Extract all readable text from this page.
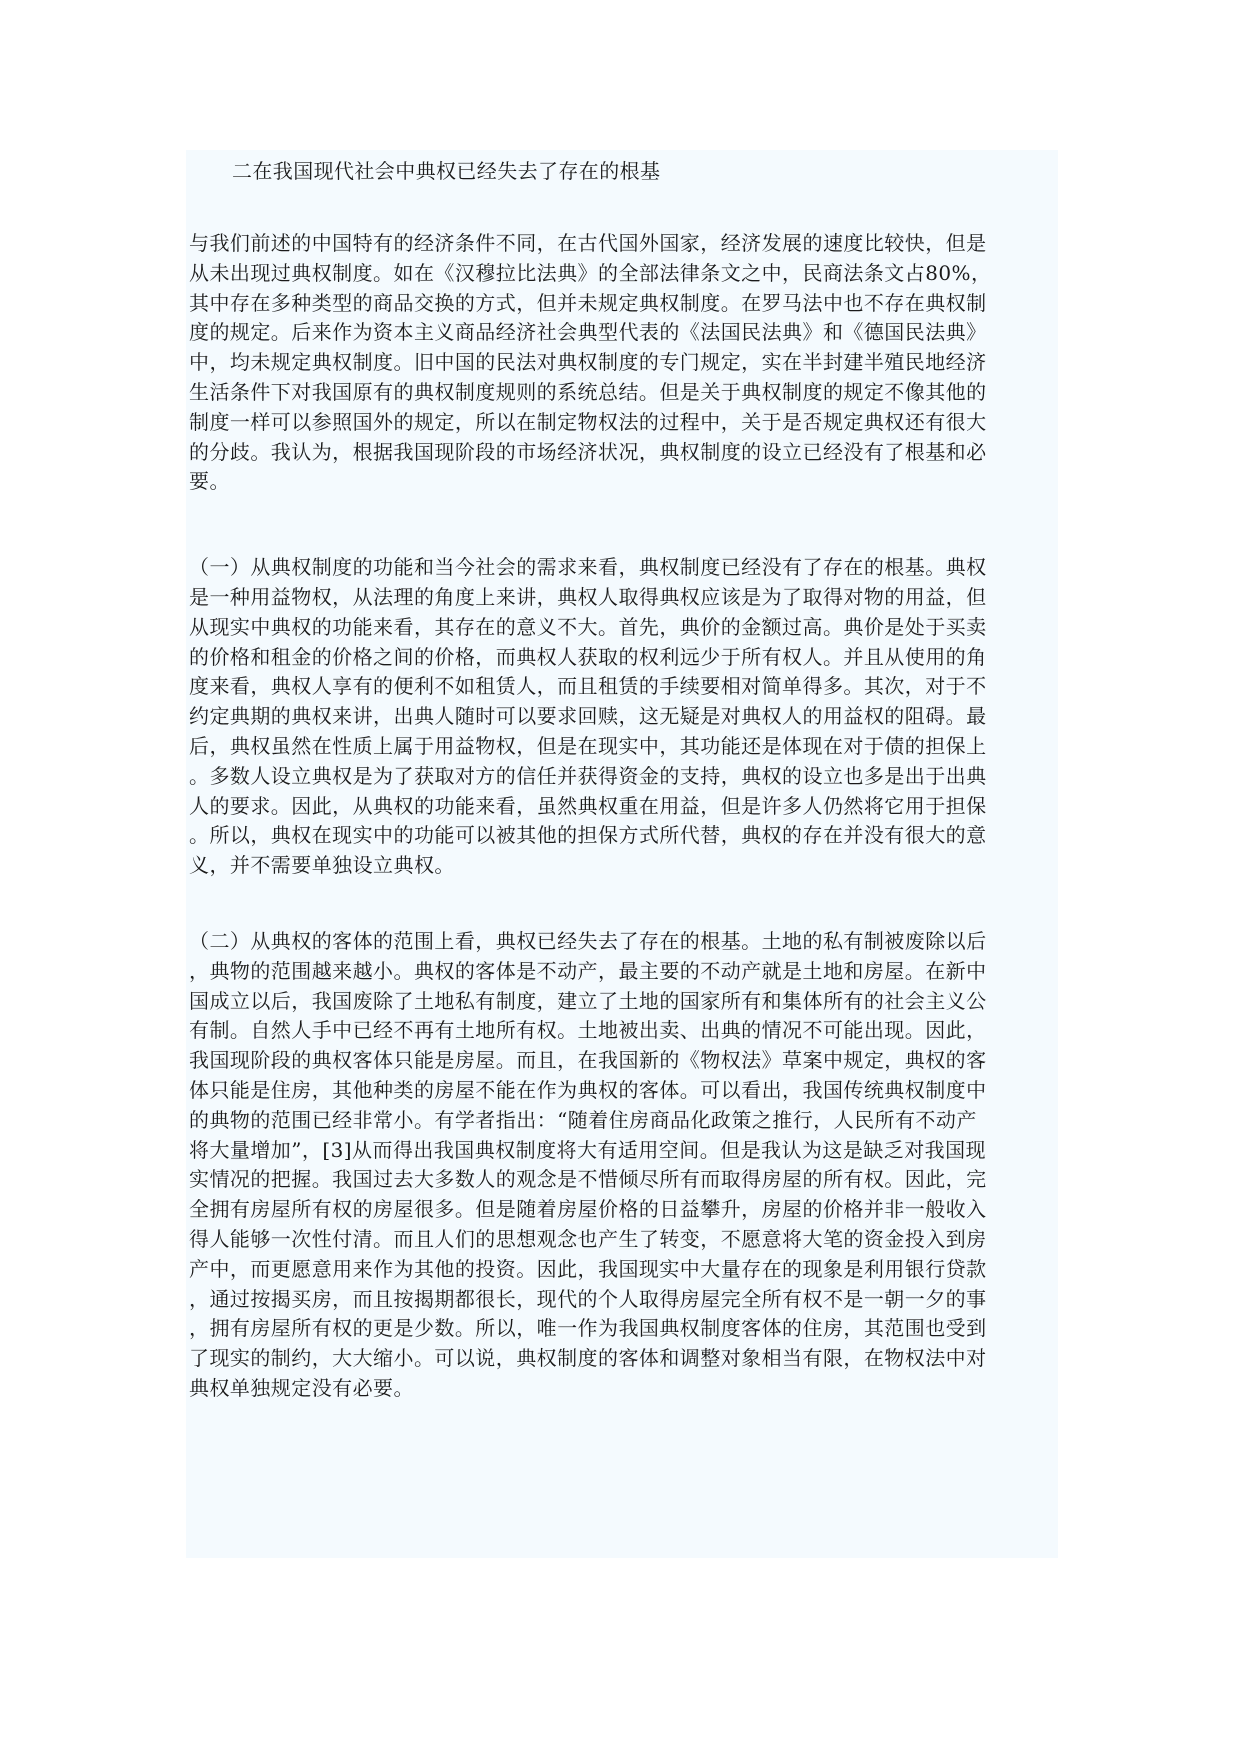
二在我国现代社会中典权已经失去了存在的根基

与我们前述的中国特有的经济条件不同，在古代国外国家，经济发展的速度比较快，但是
从未出现过典权制度。如在《汉穆拉比法典》的全部法律条文之中，民商法条文占80%，
其中存在多种类型的商品交换的方式，但并未规定典权制度。在罗马法中也不存在典权制
度的规定。后来作为资本主义商品经济社会典型代表的《法国民法典》和《德国民法典》
中，均未规定典权制度。旧中国的民法对典权制度的专门规定，实在半封建半殖民地经济
生活条件下对我国原有的典权制度规则的系统总结。但是关于典权制度的规定不像其他的
制度一样可以参照国外的规定，所以在制定物权法的过程中，关于是否规定典权还有很大
的分歧。我认为，根据我国现阶段的市场经济状况，典权制度的设立已经没有了根基和必
要。
（一）从典权制度的功能和当今社会的需求来看，典权制度已经没有了存在的根基。典权
是一种用益物权，从法理的角度上来讲，典权人取得典权应该是为了取得对物的用益，但
从现实中典权的功能来看，其存在的意义不大。首先，典价的金额过高。典价是处于买卖
的价格和租金的价格之间的价格，而典权人获取的权利远少于所有权人。并且从使用的角
度来看，典权人享有的便利不如租赁人，而且租赁的手续要相对简单得多。其次，对于不
约定典期的典权来讲，出典人随时可以要求回赎，这无疑是对典权人的用益权的阻碍。最
后，典权虽然在性质上属于用益物权，但是在现实中，其功能还是体现在对于债的担保上
。多数人设立典权是为了获取对方的信任并获得资金的支持，典权的设立也多是出于出典
人的要求。因此，从典权的功能来看，虽然典权重在用益，但是许多人仍然将它用于担保
。所以，典权在现实中的功能可以被其他的担保方式所代替，典权的存在并没有很大的意
义，并不需要单独设立典权。
（二）从典权的客体的范围上看，典权已经失去了存在的根基。土地的私有制被废除以后
，典物的范围越来越小。典权的客体是不动产，最主要的不动产就是土地和房屋。在新中
国成立以后，我国废除了土地私有制度，建立了土地的国家所有和集体所有的社会主义公
有制。自然人手中已经不再有土地所有权。土地被出卖、出典的情况不可能出现。因此，
我国现阶段的典权客体只能是房屋。而且，在我国新的《物权法》草案中规定，典权的客
体只能是住房，其他种类的房屋不能在作为典权的客体。可以看出，我国传统典权制度中
的典物的范围已经非常小。有学者指出：“随着住房商品化政策之推行，人民所有不动产
将大量增加”，[3]从而得出我国典权制度将大有适用空间。但是我认为这是缺乏对我国现
实情况的把握。我国过去大多数人的观念是不惜倾尽所有而取得房屋的所有权。因此，完
全拥有房屋所有权的房屋很多。但是随着房屋价格的日益攀升，房屋的价格并非一般收入
得人能够一次性付清。而且人们的思想观念也产生了转变，不愿意将大笔的资金投入到房
产中，而更愿意用来作为其他的投资。因此，我国现实中大量存在的现象是利用银行贷款
，通过按揭买房，而且按揭期都很长，现代的个人取得房屋完全所有权不是一朝一夕的事
，拥有房屋所有权的更是少数。所以，唯一作为我国典权制度客体的住房，其范围也受到
了现实的制约，大大缩小。可以说，典权制度的客体和调整对象相当有限，在物权法中对
典权单独规定没有必要。
